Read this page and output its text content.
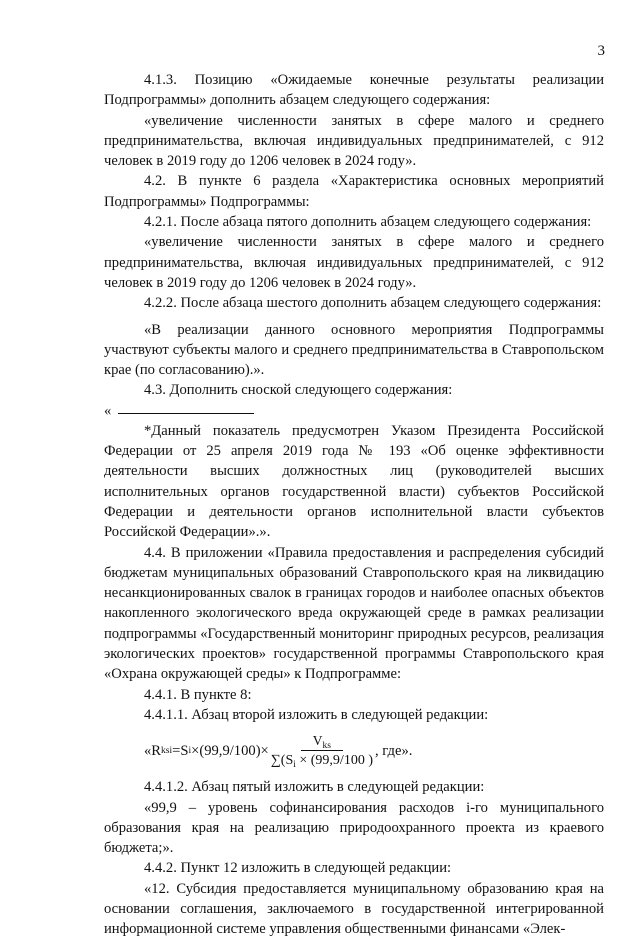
3

4.1.3. Позицию «Ожидаемые конечные результаты реализации Подпрограммы» дополнить абзацем следующего содержания:

«увеличение численности занятых в сфере малого и среднего предпринимательства, включая индивидуальных предпринимателей, с 912 человек в 2019 году до 1206 человек в 2024 году».

4.2. В пункте 6 раздела «Характеристика основных мероприятий Подпрограммы» Подпрограммы:

4.2.1. После абзаца пятого дополнить абзацем следующего содержания:

«увеличение численности занятых в сфере малого и среднего предпринимательства, включая индивидуальных предпринимателей, с 912 человек в 2019 году до 1206 человек в 2024 году».

4.2.2. После абзаца шестого дополнить абзацем следующего содержания:

«В реализации данного основного мероприятия Подпрограммы участвуют субъекты малого и среднего предпринимательства в Ставропольском крае (по согласованию).».

4.3. Дополнить сноской следующего содержания:

«

*Данный показатель предусмотрен Указом Президента Российской Федерации от 25 апреля 2019 года № 193 «Об оценке эффективности деятельности высших должностных лиц (руководителей высших исполнительных органов государственной власти) субъектов Российской Федерации и деятельности органов исполнительной власти субъектов Российской Федерации».».

4.4. В приложении «Правила предоставления и распределения субсидий бюджетам муниципальных образований Ставропольского края на ликвидацию несанкционированных свалок в границах городов и наиболее опасных объектов накопленного экологического вреда окружающей среде в рамках реализации подпрограммы «Государственный мониторинг природных ресурсов, реализация экологических проектов» государственной программы Ставропольского края «Охрана окружающей среды» к Подпрограмме:

4.4.1. В пункте 8:

4.4.1.1. Абзац второй изложить в следующей редакции:

«R ksi =S $i \times(99,9/100)\times \frac{V_{ks}}{\sum(S_i \times (99,9/100 )}$ , где».

4.4.1.2. Абзац пятый изложить в следующей редакции:

«99,9 – уровень софинансирования расходов i-го муниципального образования края на реализацию природоохранного проекта из краевого бюджета;».

4.4.2. Пункт 12 изложить в следующей редакции:

«12. Субсидия предоставляется муниципальному образованию края на основании соглашения, заключаемого в государственной интегрированной информационной системе управления общественными финансами «Элек-
